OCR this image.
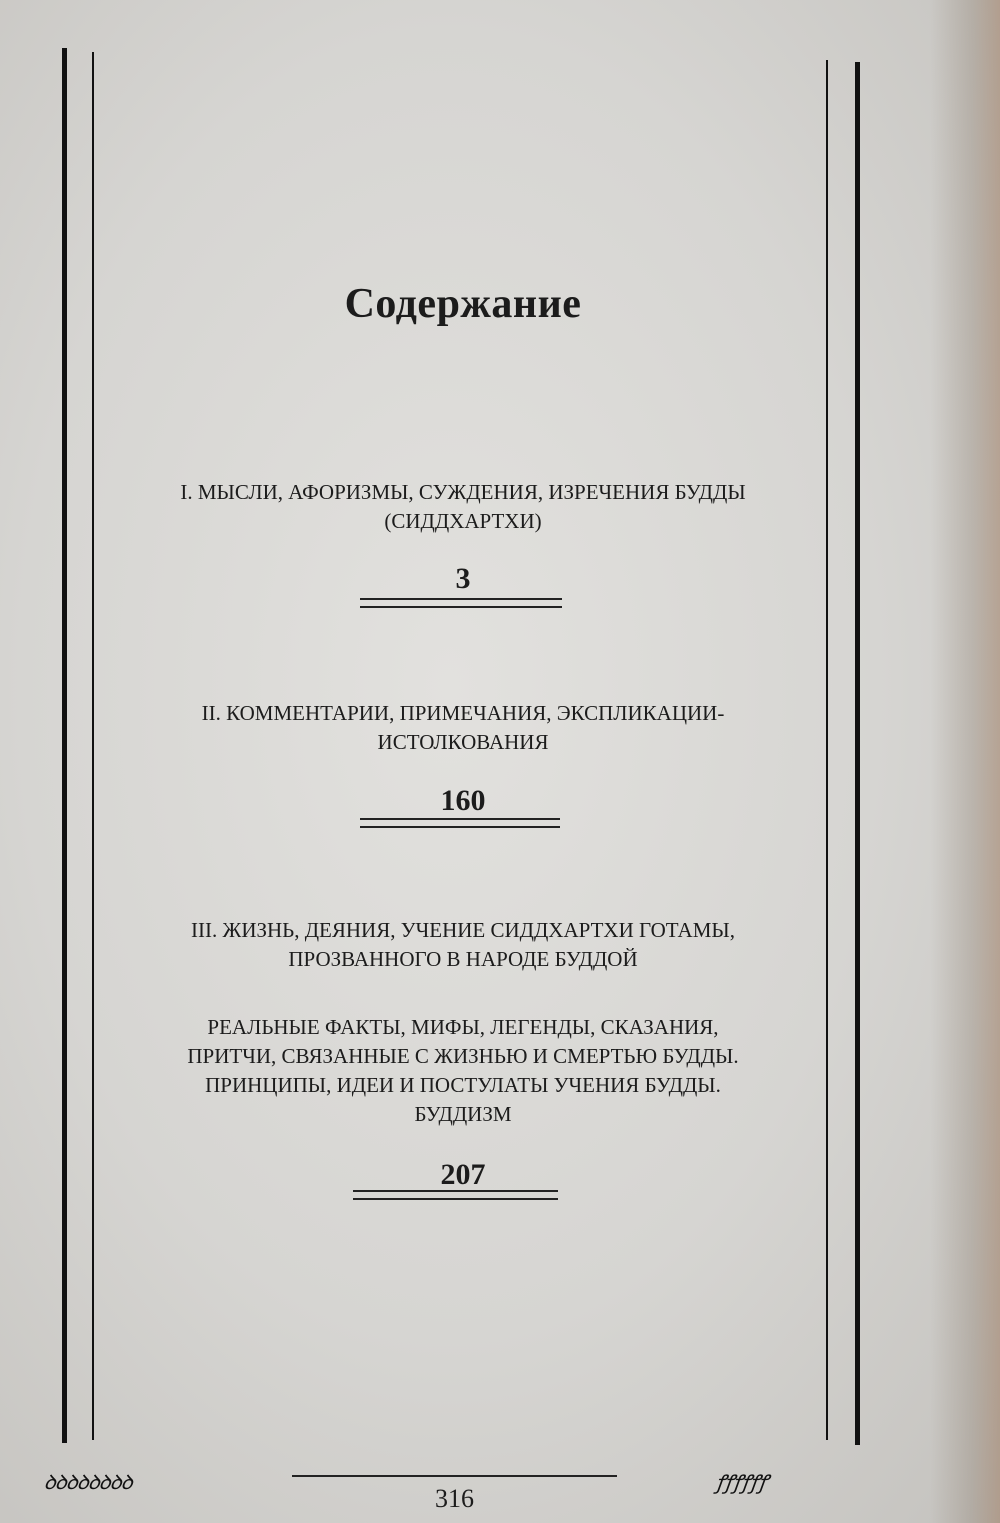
Содержание
I. МЫСЛИ, АФОРИЗМЫ, СУЖДЕНИЯ, ИЗРЕЧЕНИЯ БУДДЫ
(СИДДХАРТХИ)
3
II. КОММЕНТАРИИ, ПРИМЕЧАНИЯ, ЭКСПЛИКАЦИИ-
ИСТОЛКОВАНИЯ
160
III. ЖИЗНЬ, ДЕЯНИЯ, УЧЕНИЕ СИДДХАРТХИ ГОТАМЫ,
ПРОЗВАННОГО В НАРОДЕ БУДДОЙ
РЕАЛЬНЫЕ ФАКТЫ, МИФЫ, ЛЕГЕНДЫ, СКАЗАНИЯ,
ПРИТЧИ, СВЯЗАННЫЕ С ЖИЗНЬЮ И СМЕРТЬЮ БУДДЫ.
ПРИНЦИПЫ, ИДЕИ И ПОСТУЛАТЫ УЧЕНИЯ БУДДЫ.
БУДДИЗМ
207
ꝺꝺꝺꝺꝺꝺꝺꝺ
316
ꝭꝭꝭꝭꝭꝭ
